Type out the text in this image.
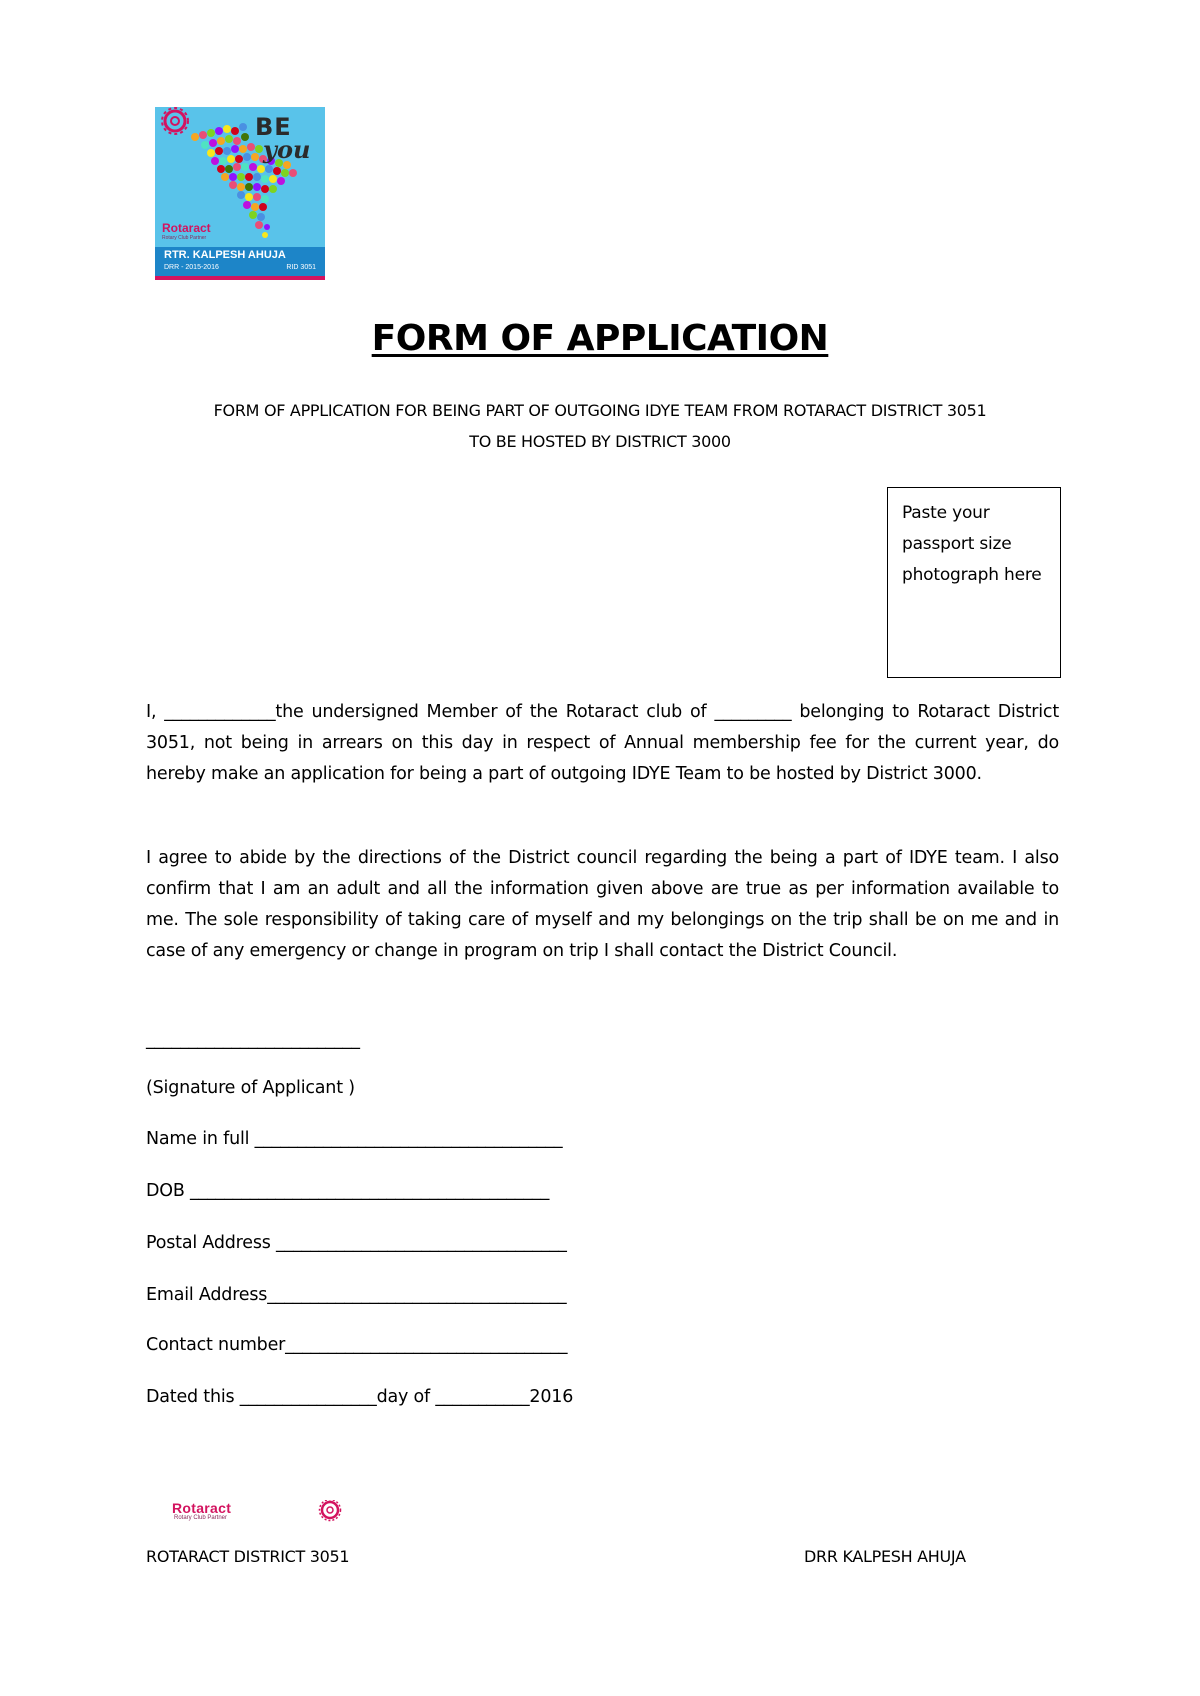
BE
you
Rotaract
Rotary Club Partner
RTR. KALPESH AHUJA
DRR - 2015-2016	RID 3051
FORM OF APPLICATION
FORM OF APPLICATION FOR BEING PART OF OUTGOING IDYE TEAM FROM ROTARACT DISTRICT 3051
TO BE HOSTED BY DISTRICT 3000
Paste your passport size photograph here
I, _____________the undersigned Member of the Rotaract club of _________ belonging to Rotaract District 3051, not being in arrears on this day in respect of Annual membership fee for the current year, do hereby make an application for being a part of outgoing IDYE Team to be hosted by District 3000.
I agree to abide by the directions of the District council regarding the being a part of IDYE team. I also confirm that I am an adult and all the information given above are true as per information available to me. The sole responsibility of taking care of myself and my belongings on the trip shall be on me and in case of any emergency or change in program on trip I shall contact the District Council.
_________________________
(Signature of Applicant )
Name in full ____________________________________
DOB __________________________________________
Postal Address __________________________________
Email Address___________________________________
Contact number_________________________________
Dated this ________________day of ___________2016
Rotaract
Rotary Club Partner
ROTARACT DISTRICT 3051	DRR KALPESH AHUJA
